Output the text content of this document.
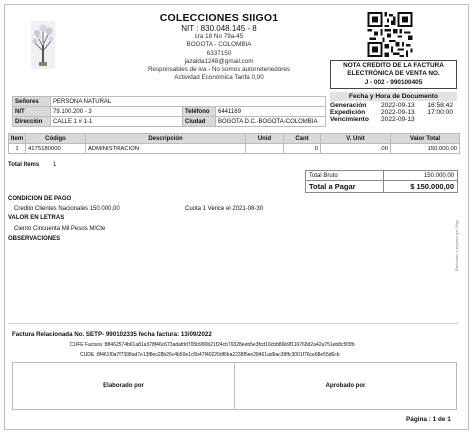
COLECCIONES SIIGO1
NIT : 830.048.145 - 8
cra 18 No 79a-45
BOGOTA - COLOMBIA
6337150
jazalda1248@gmail.com
Responsables de iva - No somos autorretenedores
Actividad Económica Tarifa 0,00
NOTA CREDITO DE LA FACTURA
ELECTRÓNICA DE VENTA NO.
J - 002 - 990100405
Señores	PERSONA NATURAL		
NIT	79.100.200 - 3	Teléfono	6441189
Dirección	CALLE 1 # 1-1	Ciudad	BOGOTA D.C.-BOGOTA-COLOMBIA
Fecha y Hora de Documento
Generación	2022-09-13	16:58:42
Expedición	2022-09-13	17:00:00
Vencimiento	2022-09-13
Item	Código	Descripción	Unid	Cant	V. Unit	Valor Total
1	4175180000	ADMINISTRACION		0	.00	150.000,00
Total Items 1
Total Bruto	150.000,00
Total a Pagar	$ 150.000,00
CONDICION DE PAGO
Credito Clientes Nacionales 150.000,00	Cuota 1 Vence el 2021-08-30
VALOR EN LETRAS
Ciento Cincuenta Mil Pesos M/Cte
OBSERVACIONES	Elaborado e impreso por Siigo
Factura Relacionada No. SETP- 990102335 fecha factura: 13/09/2022
CUFE Factura :88462574b61a81a378f46c673adafdd705b990b21f24cb79328eeb5e3fcd16cbb86b9f116768d2a42a751eb8c5f3fb
CUDE :8f461f0a7f7398ad7e13f8ec28b26c4b50e1c5b47f40220df6ba2238f5ee28461ad9ac39ffc3001f76ce68e55d6cb
Elaborado por	Aprobado por
Página : 1 de 1
